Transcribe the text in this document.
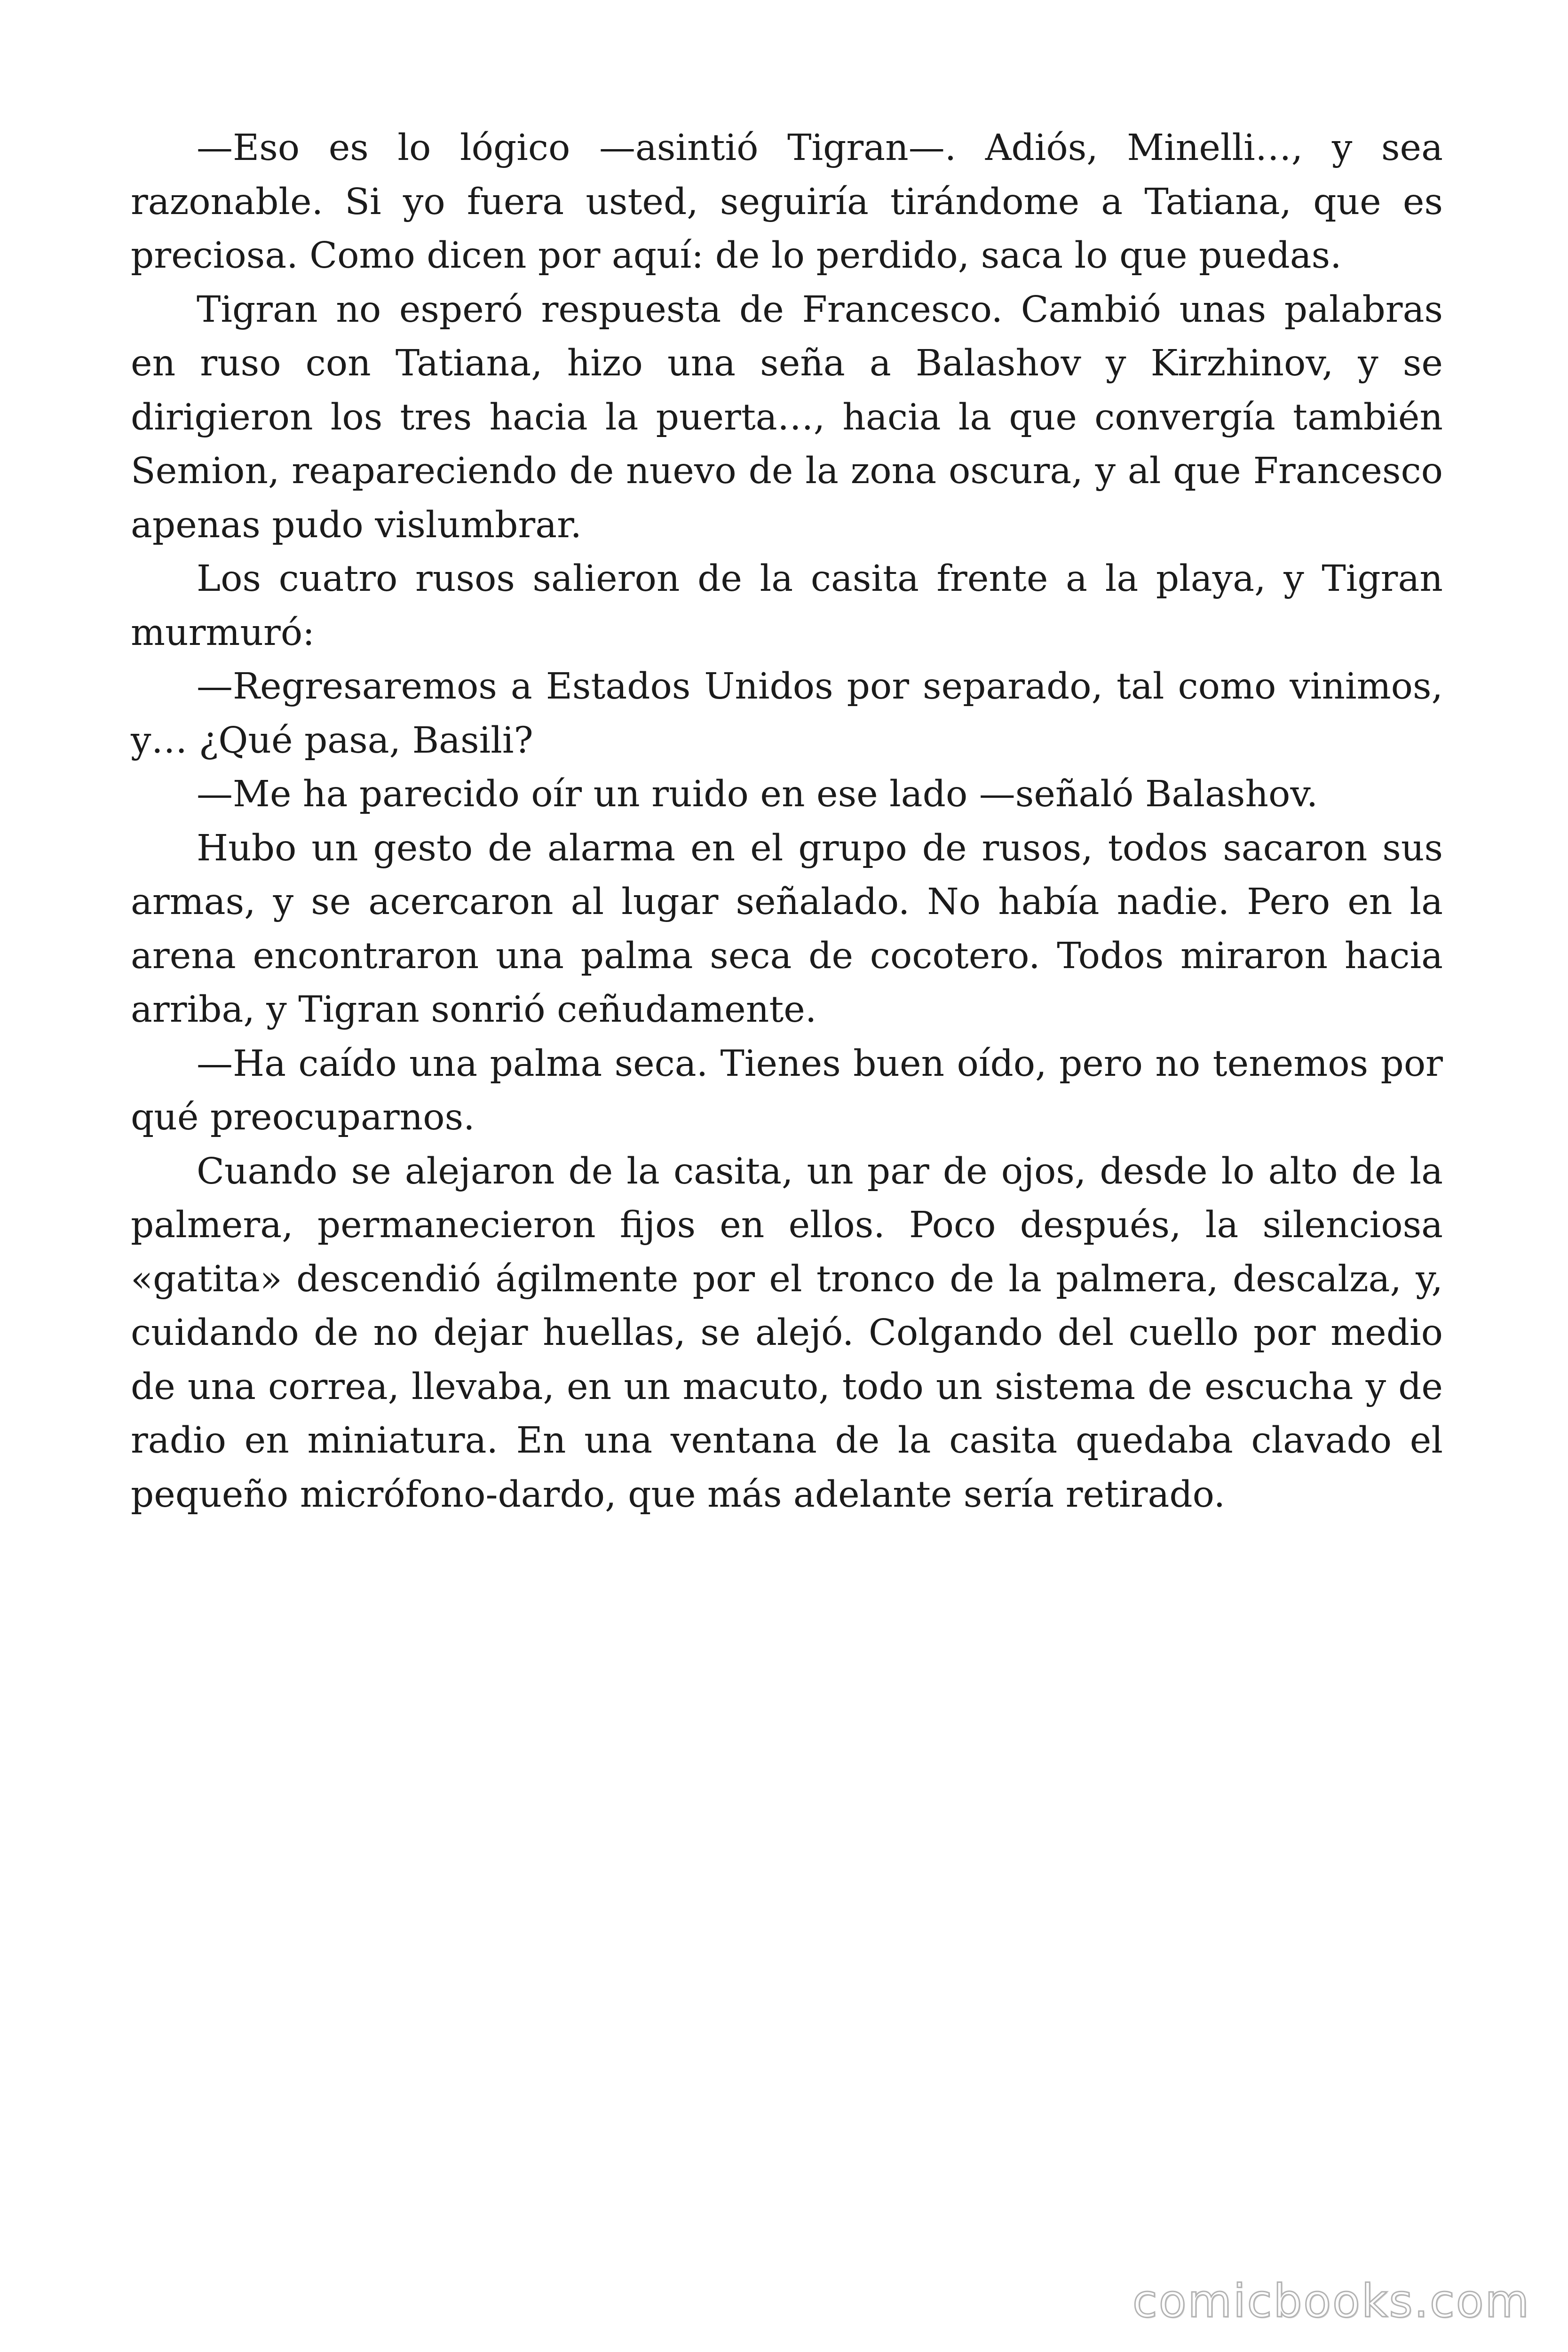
—Eso es lo lógico —asintió Tigran—. Adiós, Minelli…, y sea razonable. Si yo fuera usted, seguiría tirándome a Tatiana, que es preciosa. Como dicen por aquí: de lo perdido, saca lo que puedas.

Tigran no esperó respuesta de Francesco. Cambió unas palabras en ruso con Tatiana, hizo una seña a Balashov y Kirzhinov, y se dirigieron los tres hacia la puerta…, hacia la que convergía también Semion, reapareciendo de nuevo de la zona oscura, y al que Francesco apenas pudo vislumbrar.

Los cuatro rusos salieron de la casita frente a la playa, y Tigran murmuró:

—Regresaremos a Estados Unidos por separado, tal como vinimos, y… ¿Qué pasa, Basili?

—Me ha parecido oír un ruido en ese lado —señaló Balashov.

Hubo un gesto de alarma en el grupo de rusos, todos sacaron sus armas, y se acercaron al lugar señalado. No había nadie. Pero en la arena encontraron una palma seca de cocotero. Todos miraron hacia arriba, y Tigran sonrió ceñudamente.

—Ha caído una palma seca. Tienes buen oído, pero no tenemos por qué preocuparnos.

Cuando se alejaron de la casita, un par de ojos, desde lo alto de la palmera, permanecieron fijos en ellos. Poco después, la silenciosa «gatita» descendió ágilmente por el tronco de la palmera, descalza, y, cuidando de no dejar huellas, se alejó. Colgando del cuello por medio de una correa, llevaba, en un macuto, todo un sistema de escucha y de radio en miniatura. En una ventana de la casita quedaba clavado el pequeño micrófono-dardo, que más adelante sería retirado.

comicbooks.com
